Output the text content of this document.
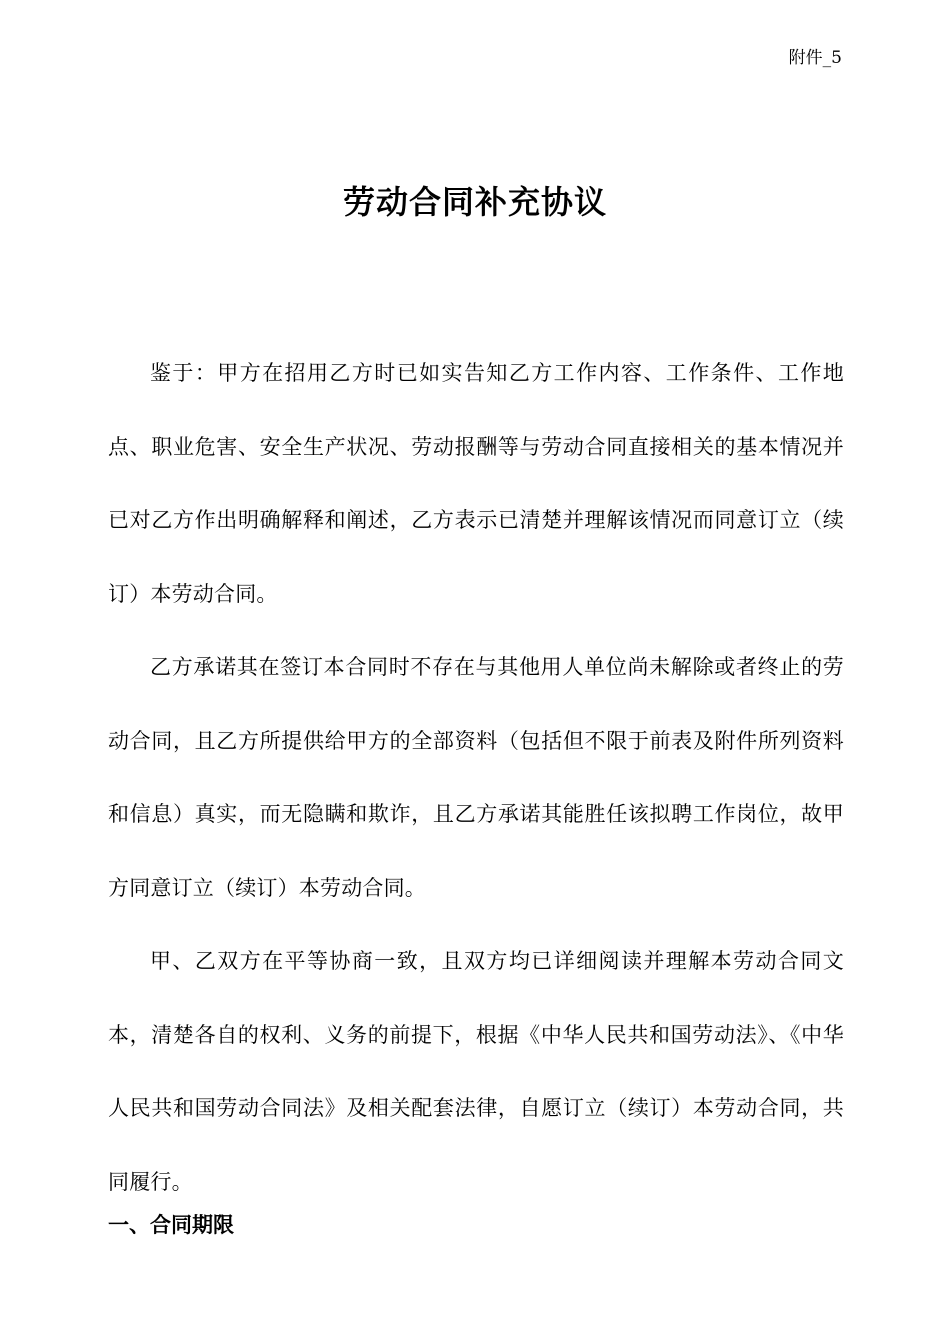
附件_5
劳动合同补充协议

鉴于：甲方在招用乙方时已如实告知乙方工作内容、工作条件、工作地点、职业危害、安全生产状况、劳动报酬等与劳动合同直接相关的基本情况并已对乙方作出明确解释和阐述，乙方表示已清楚并理解该情况而同意订立（续订）本劳动合同。

乙方承诺其在签订本合同时不存在与其他用人单位尚未解除或者终止的劳动合同，且乙方所提供给甲方的全部资料（包括但不限于前表及附件所列资料和信息）真实，而无隐瞒和欺诈，且乙方承诺其能胜任该拟聘工作岗位，故甲方同意订立（续订）本劳动合同。

甲、乙双方在平等协商一致，且双方均已详细阅读并理解本劳动合同文本，清楚各自的权利、义务的前提下，根据《中华人民共和国劳动法》、《中华人民共和国劳动合同法》及相关配套法律，自愿订立（续订）本劳动合同，共同履行。

一、合同期限
